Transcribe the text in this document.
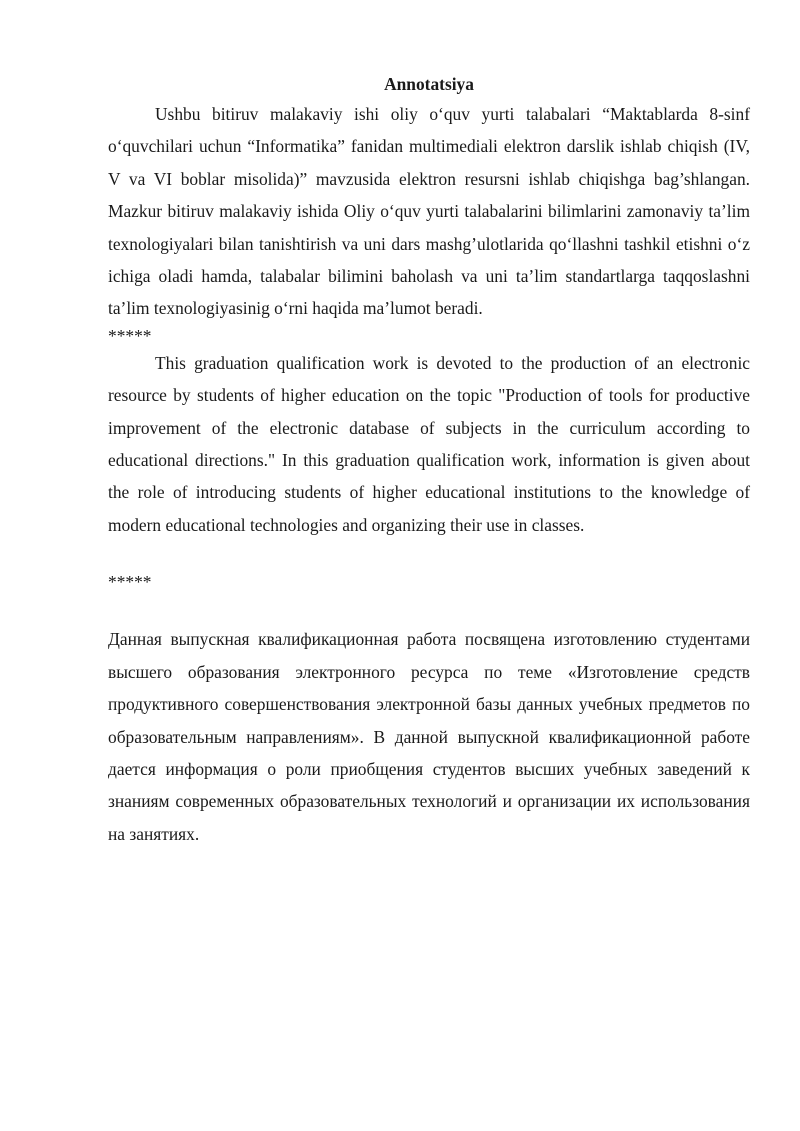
Annotatsiya

Ushbu bitiruv malakaviy ishi oliy o‘quv yurti talabalari “Maktablarda 8-sinf o‘quvchilari uchun “Informatika” fanidan multimediali elektron darslik ishlab chiqish (IV, V va VI boblar misolida)” mavzusida elektron resursni ishlab chiqishga bag’shlangan. Mazkur bitiruv malakaviy ishida Oliy o‘quv yurti talabalarini bilimlarini zamonaviy ta’lim texnologiyalari bilan tanishtirish va uni dars mashg’ulotlarida qo‘llashni tashkil etishni o‘z ichiga oladi hamda, talabalar bilimini baholash va uni ta’lim standartlarga taqqoslashni ta’lim texnologiyasinig o‘rni haqida ma’lumot beradi.

*****

This graduation qualification work is devoted to the production of an electronic resource by students of higher education on the topic "Production of tools for productive improvement of the electronic database of subjects in the curriculum according to educational directions." In this graduation qualification work, information is given about the role of introducing students of higher educational institutions to the knowledge of modern educational technologies and organizing their use in classes.

*****

Данная выпускная квалификационная работа посвящена изготовлению студентами высшего образования электронного ресурса по теме «Изготовление средств продуктивного совершенствования электронной базы данных учебных предметов по образовательным направлениям». В данной выпускной квалификационной работе дается информация о роли приобщения студентов высших учебных заведений к знаниям современных образовательных технологий и организации их использования на занятиях.
